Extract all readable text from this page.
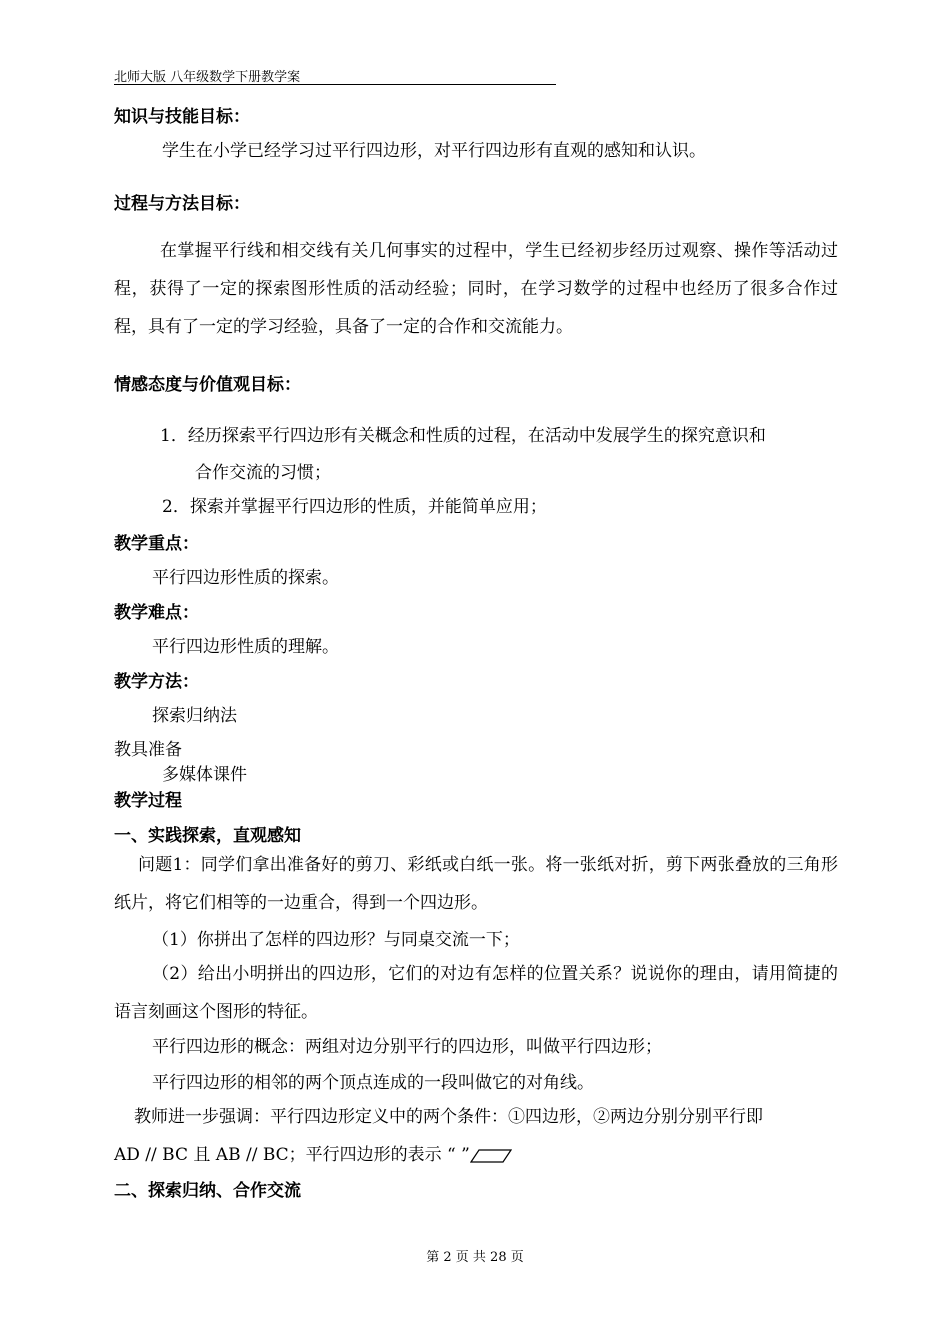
北师大版 八年级数学下册教学案
知识与技能目标：
学生在小学已经学习过平行四边形，对平行四边形有直观的感知和认识。
过程与方法目标：
在掌握平行线和相交线有关几何事实的过程中，学生已经初步经历过观察、操作等活动过程，获得了一定的探索图形性质的活动经验；同时，在学习数学的过程中也经历了很多合作过程，具有了一定的学习经验，具备了一定的合作和交流能力。
情感态度与价值观目标：
1．经历探索平行四边形有关概念和性质的过程，在活动中发展学生的探究意识和
合作交流的习惯；
2．探索并掌握平行四边形的性质，并能简单应用；
教学重点：
平行四边形性质的探索。
教学难点：
平行四边形性质的理解。
教学方法：
探索归纳法
教具准备
多媒体课件
教学过程
一、实践探索，直观感知
问题1：同学们拿出准备好的剪刀、彩纸或白纸一张。将一张纸对折，剪下两张叠放的三角形纸片，将它们相等的一边重合，得到一个四边形。
（1）你拼出了怎样的四边形？与同桌交流一下；
（2）给出小明拼出的四边形，它们的对边有怎样的位置关系？说说你的理由，请用简捷的语言刻画这个图形的特征。
平行四边形的概念：两组对边分别平行的四边形，叫做平行四边形；
平行四边形的相邻的两个顶点连成的一段叫做它的对角线。
教师进一步强调：平行四边形定义中的两个条件：①四边形，②两边分别分别平行即
AD // BC 且 AB // BC；平行四边形的表示 “ ”
二、探索归纳、合作交流
第 2 页 共 28 页
